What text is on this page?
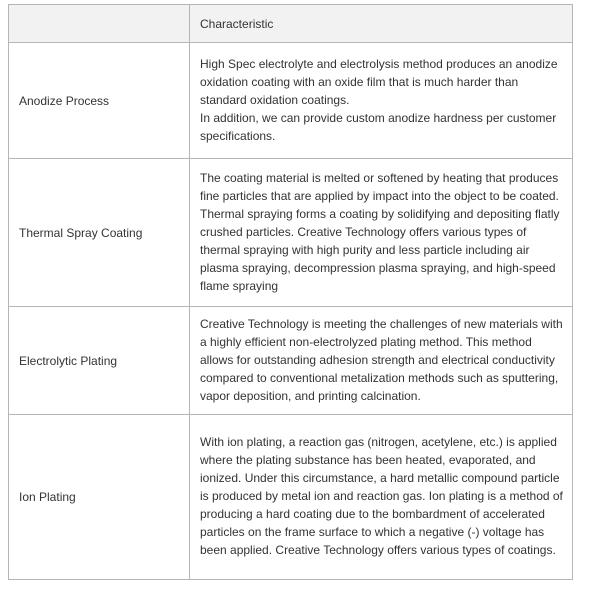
	Characteristic
Anodize Process	High Spec electrolyte and electrolysis method produces an anodize oxidation coating with an oxide film that is much harder than standard oxidation coatings.
In addition, we can provide custom anodize hardness per customer specifications.

Thermal Spray Coating	The coating material is melted or softened by heating that produces fine particles that are applied by impact into the object to be coated. Thermal spraying forms a coating by solidifying and depositing flatly crushed particles. Creative Technology offers various types of thermal spraying with high purity and less particle including air plasma spraying, decompression plasma spraying, and high-speed flame spraying

Electrolytic Plating	Creative Technology is meeting the challenges of new materials with a highly efficient non-electrolyzed plating method. This method allows for outstanding adhesion strength and electrical conductivity compared to conventional metalization methods such as sputtering, vapor deposition, and printing calcination.

Ion Plating	With ion plating, a reaction gas (nitrogen, acetylene, etc.) is applied where the plating substance has been heated, evaporated, and ionized. Under this circumstance, a hard metallic compound particle is produced by metal ion and reaction gas. Ion plating is a method of producing a hard coating due to the bombardment of accelerated particles on the frame surface to which a negative (-) voltage has been applied. Creative Technology offers various types of coatings.
